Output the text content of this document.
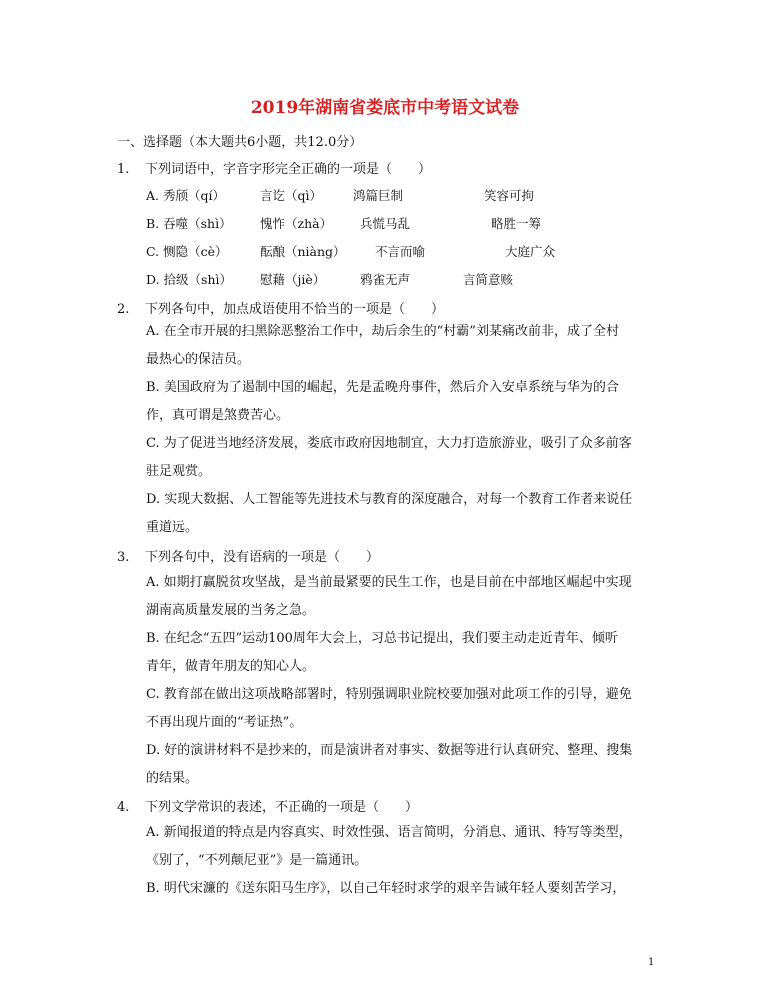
2019年湖南省娄底市中考语文试卷
一、选择题（本大题共6小题，共12.0分）
1. 下列词语中，字音字形完全正确的一项是（　　）
A. 秀颀（qí）	言讫（qì） 鸿篇巨制	笑容可拘
B. 吞噬（shì） 愧怍（zhà） 兵慌马乱	略胜一筹
C. 恻隐（cè）	酝酿（niàng） 不言而喻	大庭广众
D. 拾级（shì） 慰藉（jiè）	鸦雀无声	言简意赅
2. 下列各句中，加点成语使用不恰当的一项是（　　）
A. 在全市开展的扫黑除恶整治工作中，劫后余生的“村霸”刘某痛改前非，成了全村
最热心的保洁员。
B. 美国政府为了遏制中国的崛起，先是孟晚舟事件，然后介入安卓系统与华为的合
作，真可谓是煞费苦心。
C. 为了促进当地经济发展，娄底市政府因地制宜，大力打造旅游业，吸引了众多前客
驻足观赏。
D. 实现大数据、人工智能等先进技术与教育的深度融合，对每一个教育工作者来说任
重道远。
3. 下列各句中，没有语病的一项是（　　）
A. 如期打赢脱贫攻坚战，是当前最紧要的民生工作，也是目前在中部地区崛起中实现
湖南高质量发展的当务之急。
B. 在纪念“五四”运动100周年大会上，习总书记提出，我们要主动走近青年、倾听
青年，做青年朋友的知心人。
C. 教育部在做出这项战略部署时，特别强调职业院校要加强对此项工作的引导，避免
不再出现片面的“考证热”。
D. 好的演讲材料不是抄来的，而是演讲者对事实、数据等进行认真研究、整理、搜集
的结果。
4. 下列文学常识的表述，不正确的一项是（　　）
A. 新闻报道的特点是内容真实、时效性强、语言简明，分消息、通讯、特写等类型，
《别了，“不列颠尼亚”》是一篇通讯。
B. 明代宋濂的《送东阳马生序》，以自己年轻时求学的艰辛告诫年轻人要刻苦学习，
1
